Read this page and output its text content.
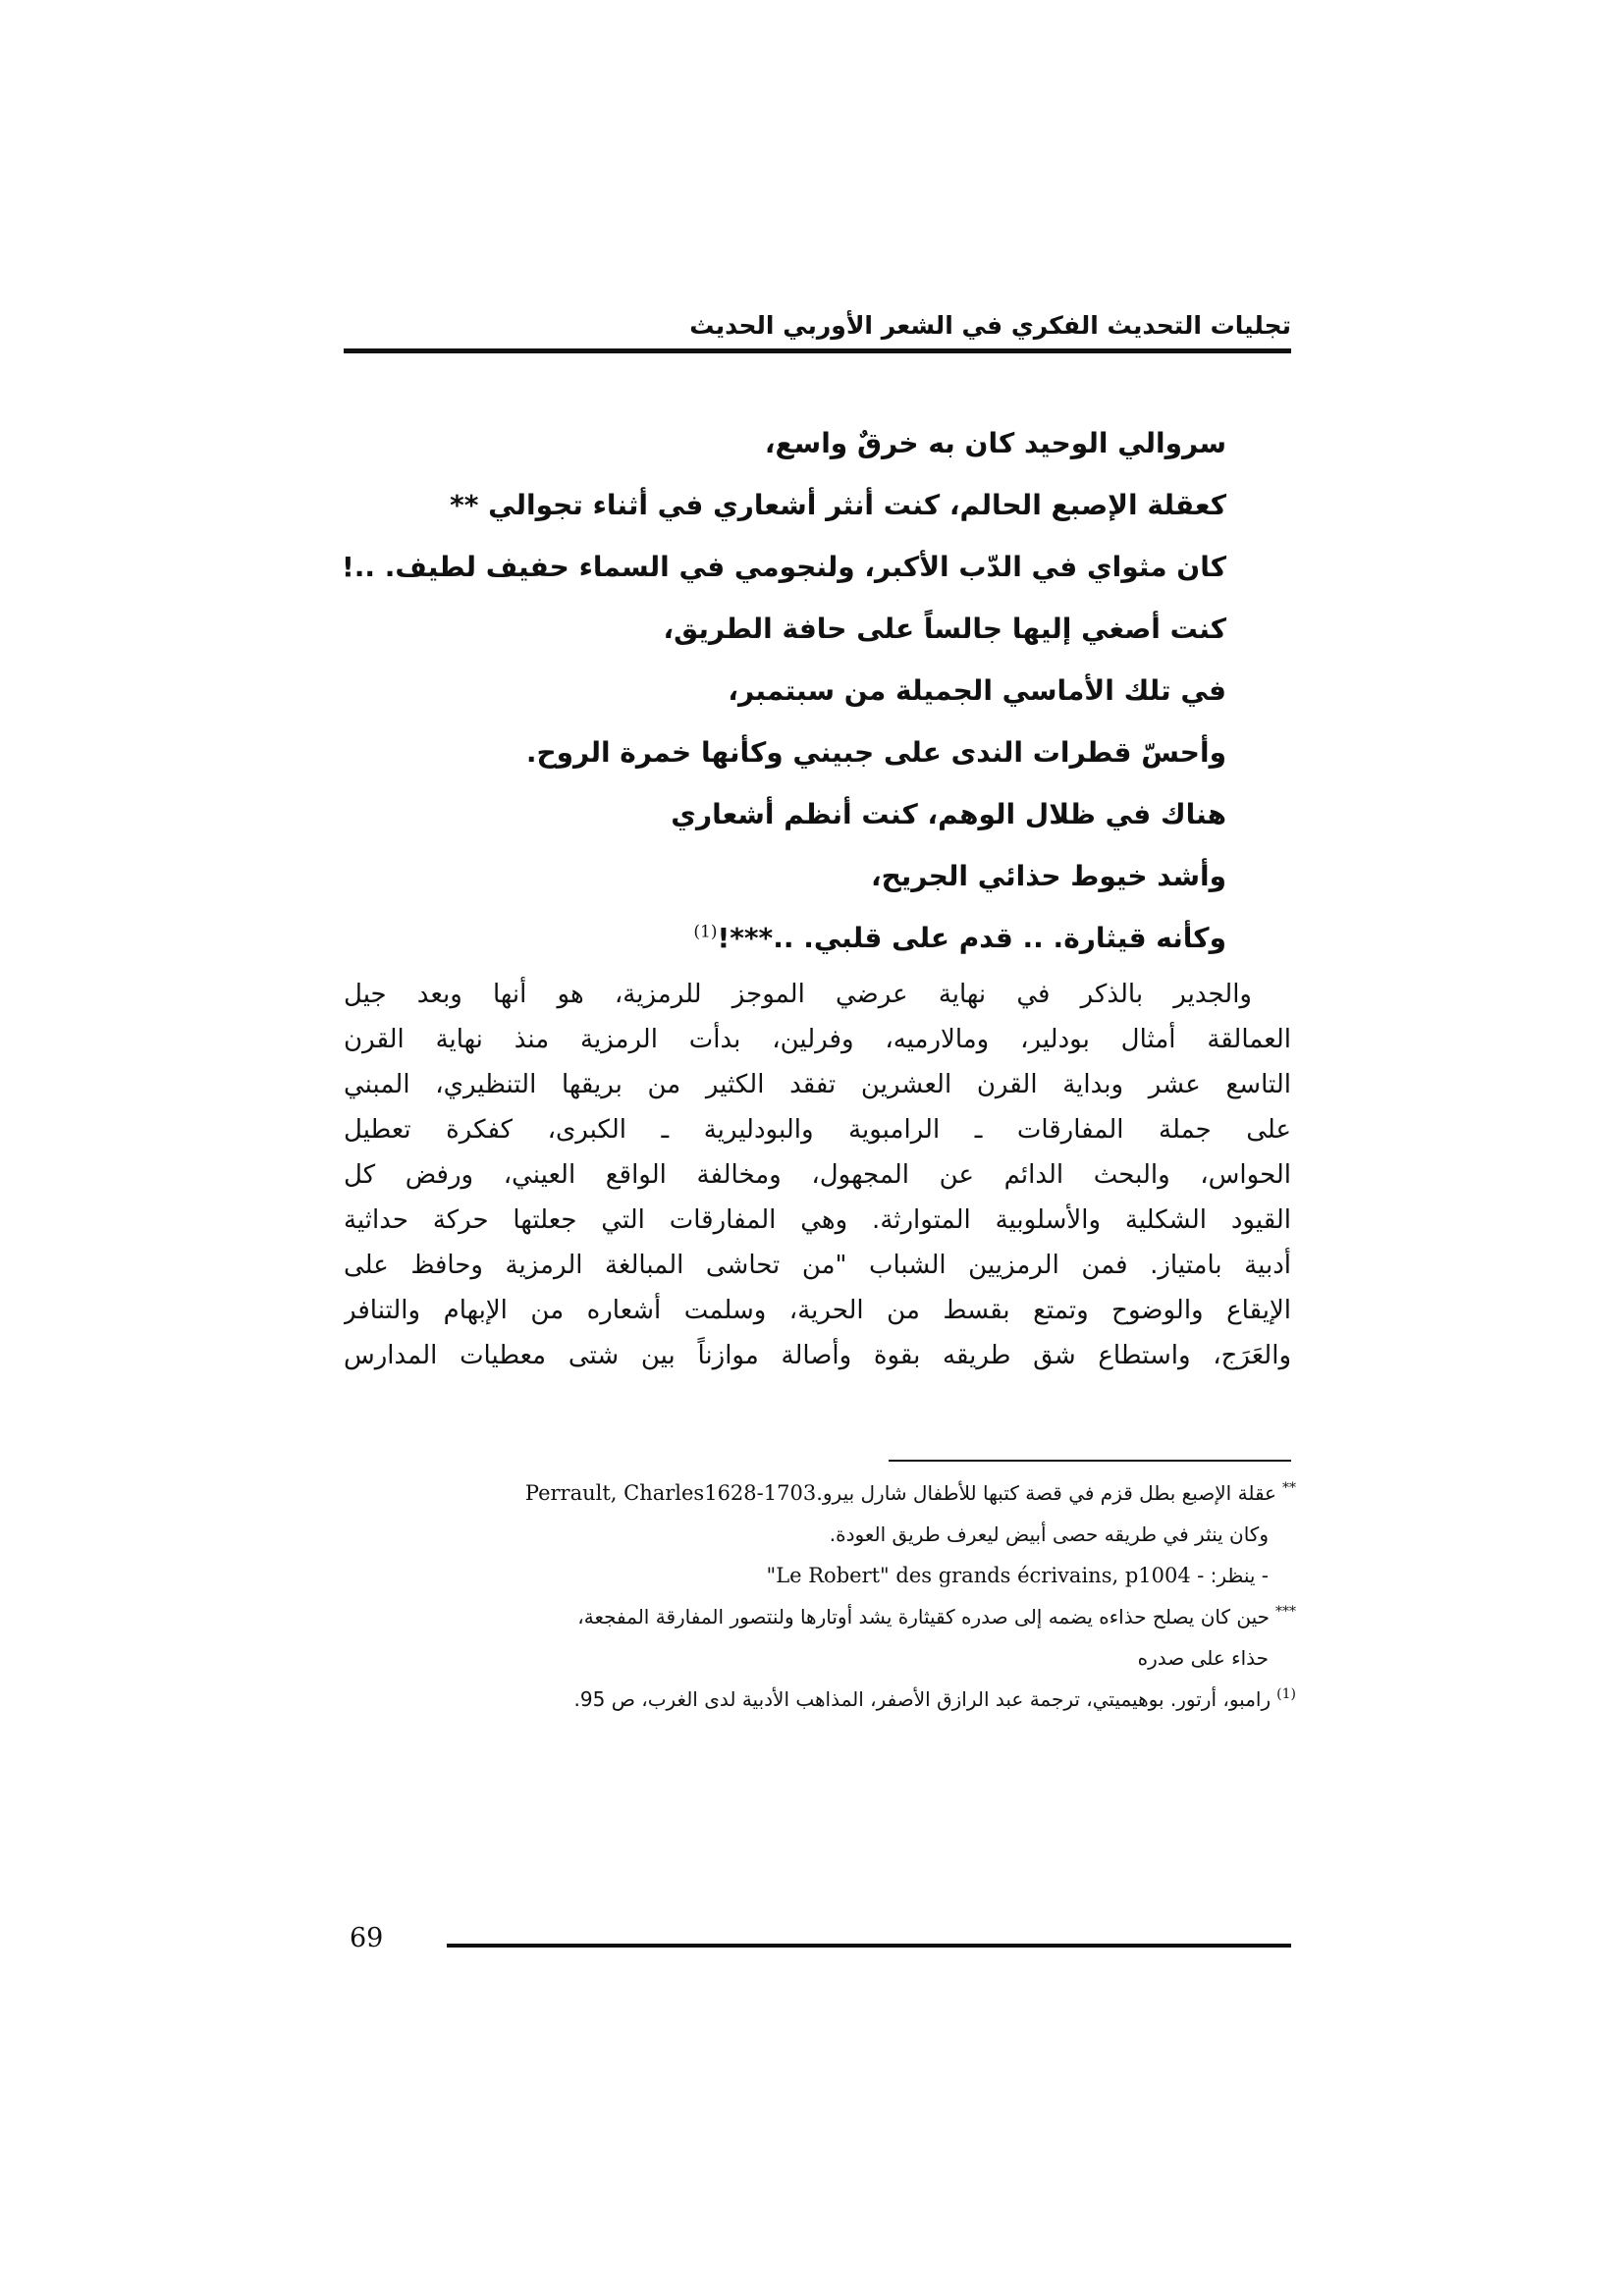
تجليات التحديث الفكري في الشعر الأوربي الحديث
سروالي الوحيد كان به خرقٌ واسع،
كعقلة الإصبع الحالم، كنت أنثر أشعاري في أثناء تجوالي **
كان مثواي في الدّب الأكبر، ولنجومي في السماء حفيف لطيف. ..!
كنت أصغي إليها جالساً على حافة الطريق،
في تلك الأماسي الجميلة من سبتمبر،
وأحسّ قطرات الندى على جبيني وكأنها خمرة الروح.
هناك في ظلال الوهم، كنت أنظم أشعاري
وأشد خيوط حذائي الجريح،
وكأنه قيثارة. .. قدم على قلبي. ..***!$^{(1)}$
والجدير بالذكر في نهاية عرضي الموجز للرمزية، هو أنها وبعد جيل
العمالقة أمثال بودلير، ومالارميه، وفرلين، بدأت الرمزية منذ نهاية القرن
التاسع عشر وبداية القرن العشرين تفقد الكثير من بريقها التنظيري، المبني
على جملة المفارقات ـ الرامبوية والبودليرية ـ الكبرى، كفكرة تعطيل
الحواس، والبحث الدائم عن المجهول، ومخالفة الواقع العيني، ورفض كل
القيود الشكلية والأسلوبية المتوارثة. وهي المفارقات التي جعلتها حركة حداثية
أدبية بامتياز. فمن الرمزيين الشباب "من تحاشى المبالغة الرمزية وحافظ على
الإيقاع والوضوح وتمتع بقسط من الحرية، وسلمت أشعاره من الإبهام والتنافر
والعَرَج، واستطاع شق طريقه بقوة وأصالة موازناً بين شتى معطيات المدارس
**عقلة الإصبع بطل قزم في قصة كتبها للأطفال شارل بيروPerrault, Charles1628-1703.
وكان ينثر في طريقه حصى أبيض ليعرف طريق العودة.
- ينظر: - "Le Robert" des grands écrivains, p1004
***حين كان يصلح حذاءه يضمه إلى صدره كقيثارة يشد أوتارها ولنتصور المفارقة المفجعة،
حذاء على صدره
$^{(1)}$رامبو، أرتور. بوهيميتي، ترجمة عبد الرازق الأصفر، المذاهب الأدبية لدى الغرب، ص 95.
69
